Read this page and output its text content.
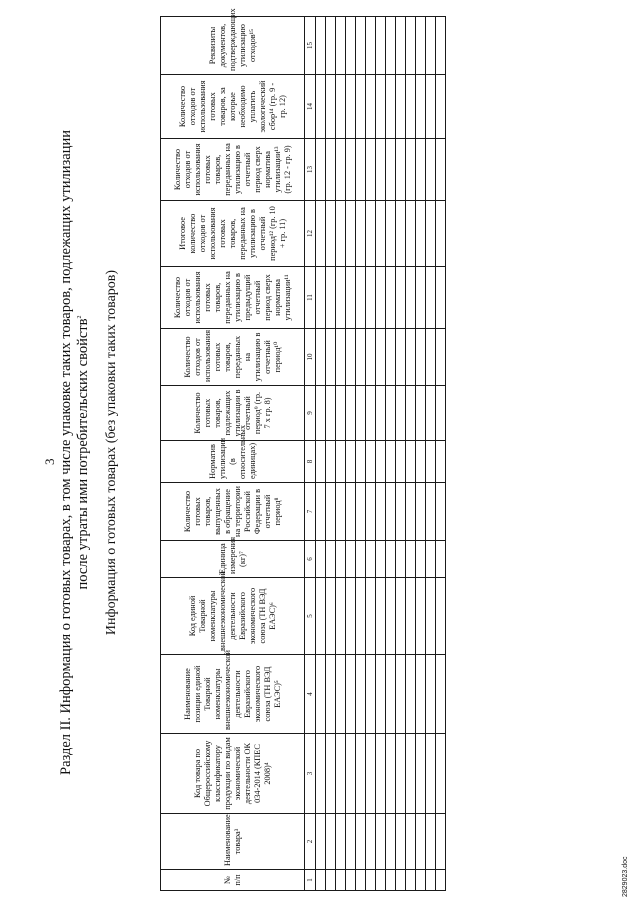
3 Раздел II. Информация о готовых товарах, в том числе упаковке таких товаров, подлежащих утилизации после утраты ими потребительских свойств$^2$	Информация о готовых товарах (без упаковки таких товаров)
№ п/п	Наименование товара³	Код товара по Общероссийскому классификатору продукции по видам экономической деятельности ОК 034-2014 (КПЕС 2008)⁴	Наименование позиции единой Товарной номенклатуры внешнеэкономической деятельности Евразийского экономического союза (ТН ВЭД ЕАЭС)⁵	Код единой Товарной номенклатуры внешнеэкономической деятельности Евразийского экономического союза (ТН ВЭД ЕАЭС)⁶	Единица измерения (кг)⁷	Количество готовых товаров, выпущенных в обращение на территории Российской Федерации в отчетный период⁸	Норматив утилизации (в относительных единицах)	Количество готовых товаров, подлежащих утилизации в отчетный период⁹ (гр. 7 х гр. 8)	Количество отходов от использования готовых товаров, переданных на утилизацию в отчетный период¹⁰	Количество отходов от использования готовых товаров, переданных на утилизацию в предыдущий отчетный период сверх норматива утилизации¹¹	Итоговое количество отходов от использования готовых товаров, переданных на утилизацию в отчетный период¹² (гр. 10 + гр. 11)	Количество отходов от использования готовых товаров, переданных на утилизацию в отчетный период сверх норматива утилизации¹³ (гр. 12 - гр. 9)	Количество отходов от использования готовых товаров, за которые необходимо уплатить экологический сбор¹⁴ (гр. 9 - гр. 12)	Реквизиты документов, подтверждающих утилизацию отходов¹⁵

1	2	3	4	5	6	7	8	9	10	11	12	13	14	15

2829023.doc
